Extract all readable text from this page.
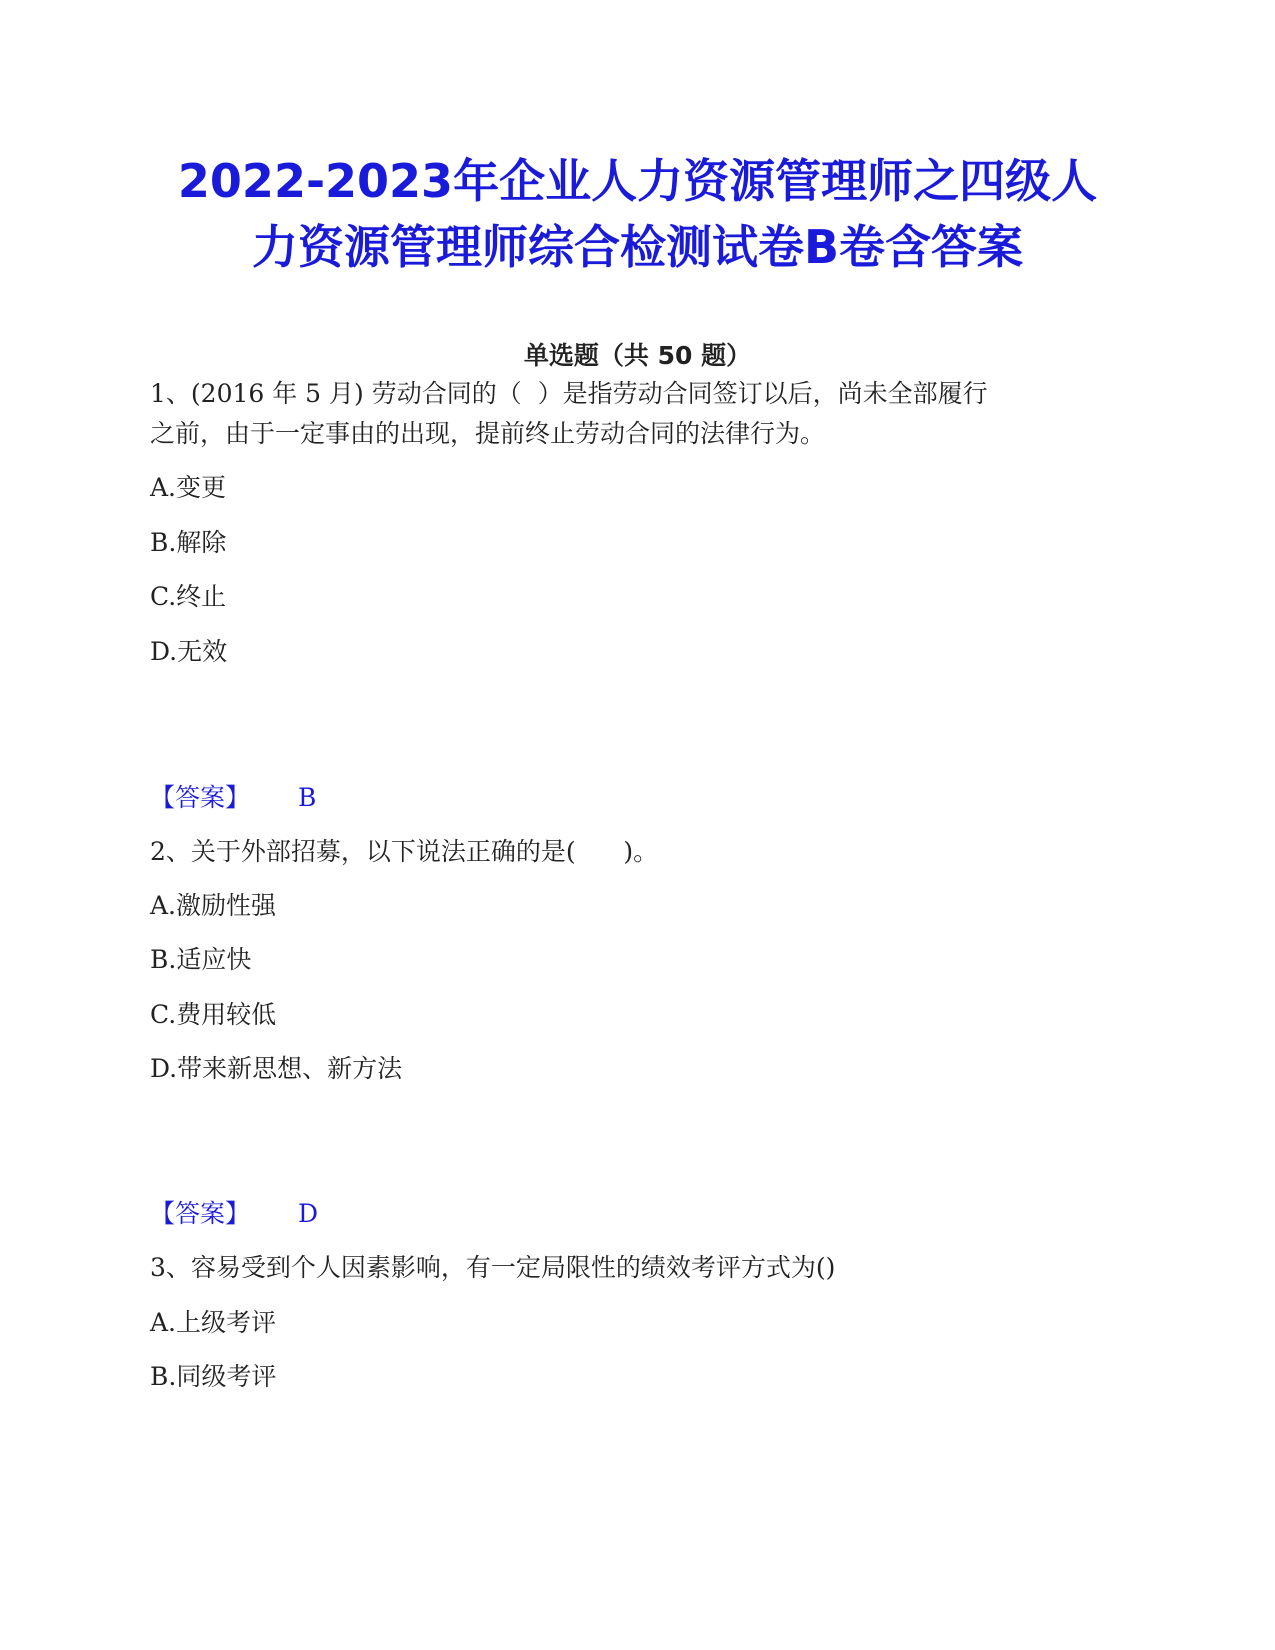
2022-2023年企业人力资源管理师之四级人
力资源管理师综合检测试卷B卷含答案

单选题（共 50 题）

1、(2016 年 5 月) 劳动合同的（  ）是指劳动合同签订以后，尚未全部履行

之前，由于一定事由的出现，提前终止劳动合同的法律行为。

A.变更

B.解除

C.终止

D.无效

【答案】 B

2、关于外部招募，以下说法正确的是(      )。

A.激励性强

B.适应快

C.费用较低

D.带来新思想、新方法

【答案】 D

3、容易受到个人因素影响，有一定局限性的绩效考评方式为()

A.上级考评

B.同级考评
